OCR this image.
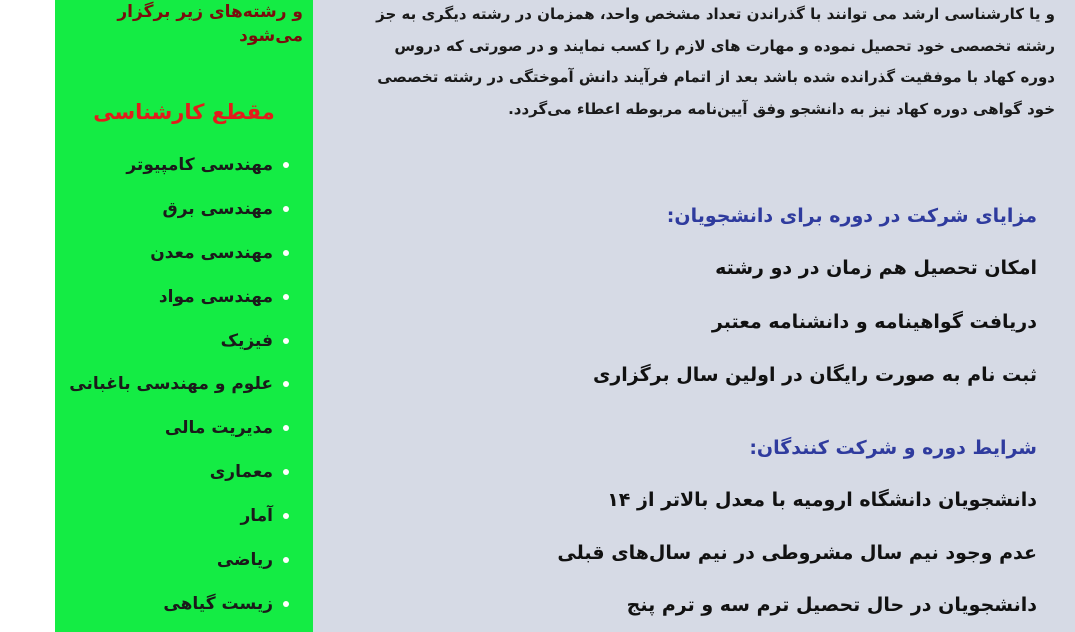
و رشته‌های زیر برگزار می‌شود
مقطع کارشناسی
مهندسی کامپیوتر
مهندسی برق
مهندسی معدن
مهندسی مواد
فیزیک
علوم و مهندسی باغبانی
مدیریت مالی
معماری
آمار
ریاضی
زیست گیاهی

و یا کارشناسی ارشد می توانند با گذراندن تعداد مشخص واحد، همزمان در رشته دیگری به جز

رشته تخصصی خود تحصیل نموده و مهارت های لازم را کسب نمایند و در صورتی که دروس

دوره کهاد با موفقیت گذرانده شده باشد بعد از اتمام فرآیند دانش آموختگی در رشته تخصصی

خود گواهی دوره کهاد نیز به دانشجو وفق آیین‌نامه مربوطه اعطاء می‌گردد.

مزایای شرکت در دوره برای دانشجویان:
امکان تحصیل هم زمان در دو رشته
دریافت گواهینامه و دانشنامه معتبر
ثبت نام به صورت رایگان در اولین سال برگزاری
شرایط دوره و شرکت کنندگان:
دانشجویان دانشگاه ارومیه با معدل بالاتر از ۱۴
عدم وجود نیم سال مشروطی در نیم سال‌های قبلی
دانشجویان در حال تحصیل ترم سه و ترم پنج
